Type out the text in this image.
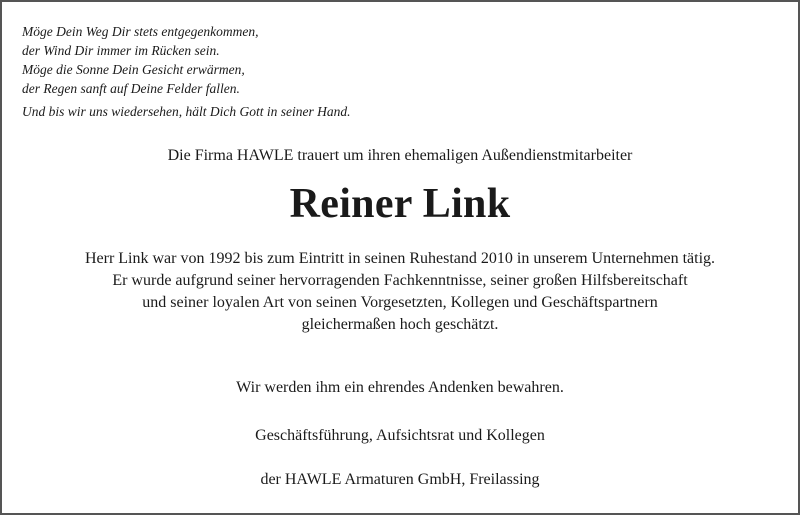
Möge Dein Weg Dir stets entgegenkommen,
der Wind Dir immer im Rücken sein.
Möge die Sonne Dein Gesicht erwärmen,
der Regen sanft auf Deine Felder fallen.
Und bis wir uns wiedersehen, hält Dich Gott in seiner Hand.
Die Firma HAWLE trauert um ihren ehemaligen Außendienstmitarbeiter
Reiner Link
Herr Link war von 1992 bis zum Eintritt in seinen Ruhestand 2010 in unserem Unternehmen tätig.
Er wurde aufgrund seiner hervorragenden Fachkenntnisse, seiner großen Hilfsbereitschaft
und seiner loyalen Art von seinen Vorgesetzten, Kollegen und Geschäftspartnern
gleichermaßen hoch geschätzt.
Wir werden ihm ein ehrendes Andenken bewahren.
Geschäftsführung, Aufsichtsrat und Kollegen
der HAWLE Armaturen GmbH, Freilassing
